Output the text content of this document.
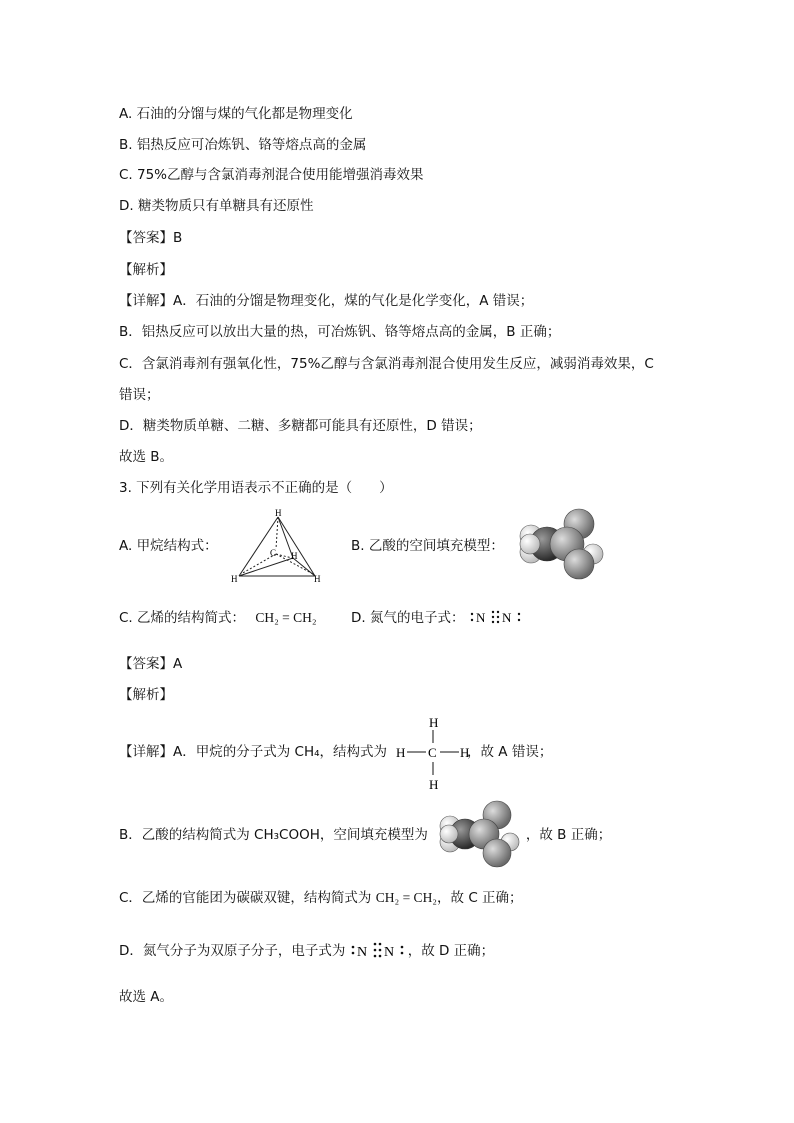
A. 石油的分馏与煤的气化都是物理变化
B. 铝热反应可冶炼钒、铬等熔点高的金属
C. 75%乙醇与含氯消毒剂混合使用能增强消毒效果
D. 糖类物质只有单糖具有还原性
【答案】B
【解析】
【详解】A．石油的分馏是物理变化，煤的气化是化学变化，A 错误；
B．铝热反应可以放出大量的热，可冶炼钒、铬等熔点高的金属，B 正确；
C．含氯消毒剂有强氧化性，75%乙醇与含氯消毒剂混合使用发生反应，减弱消毒效果，C
错误；
D．糖类物质单糖、二糖、多糖都可能具有还原性，D 错误；
故选 B。
3. 下列有关化学用语表示不正确的是（　　）
A. 甲烷结构式：
H
C H
H	H
B. 乙酸的空间填充模型：
C. 乙烯的结构简式： CH₂ = CH₂	D. 氮气的电子式： N N
【答案】A
【解析】
【详解】A．甲烷的分子式为 CH₄，结构式为	，故 A 错误；
H
C
H	H
H
B．乙酸的结构简式为 CH₃COOH，空间填充模型为	，故 B 正确；
C．乙烯的官能团为碳碳双键，结构简式为 CH₂ = CH₂，故 C 正确；
D．氮气分子为双原子分子，电子式为 N N ，故 D 正确；
故选 A。
